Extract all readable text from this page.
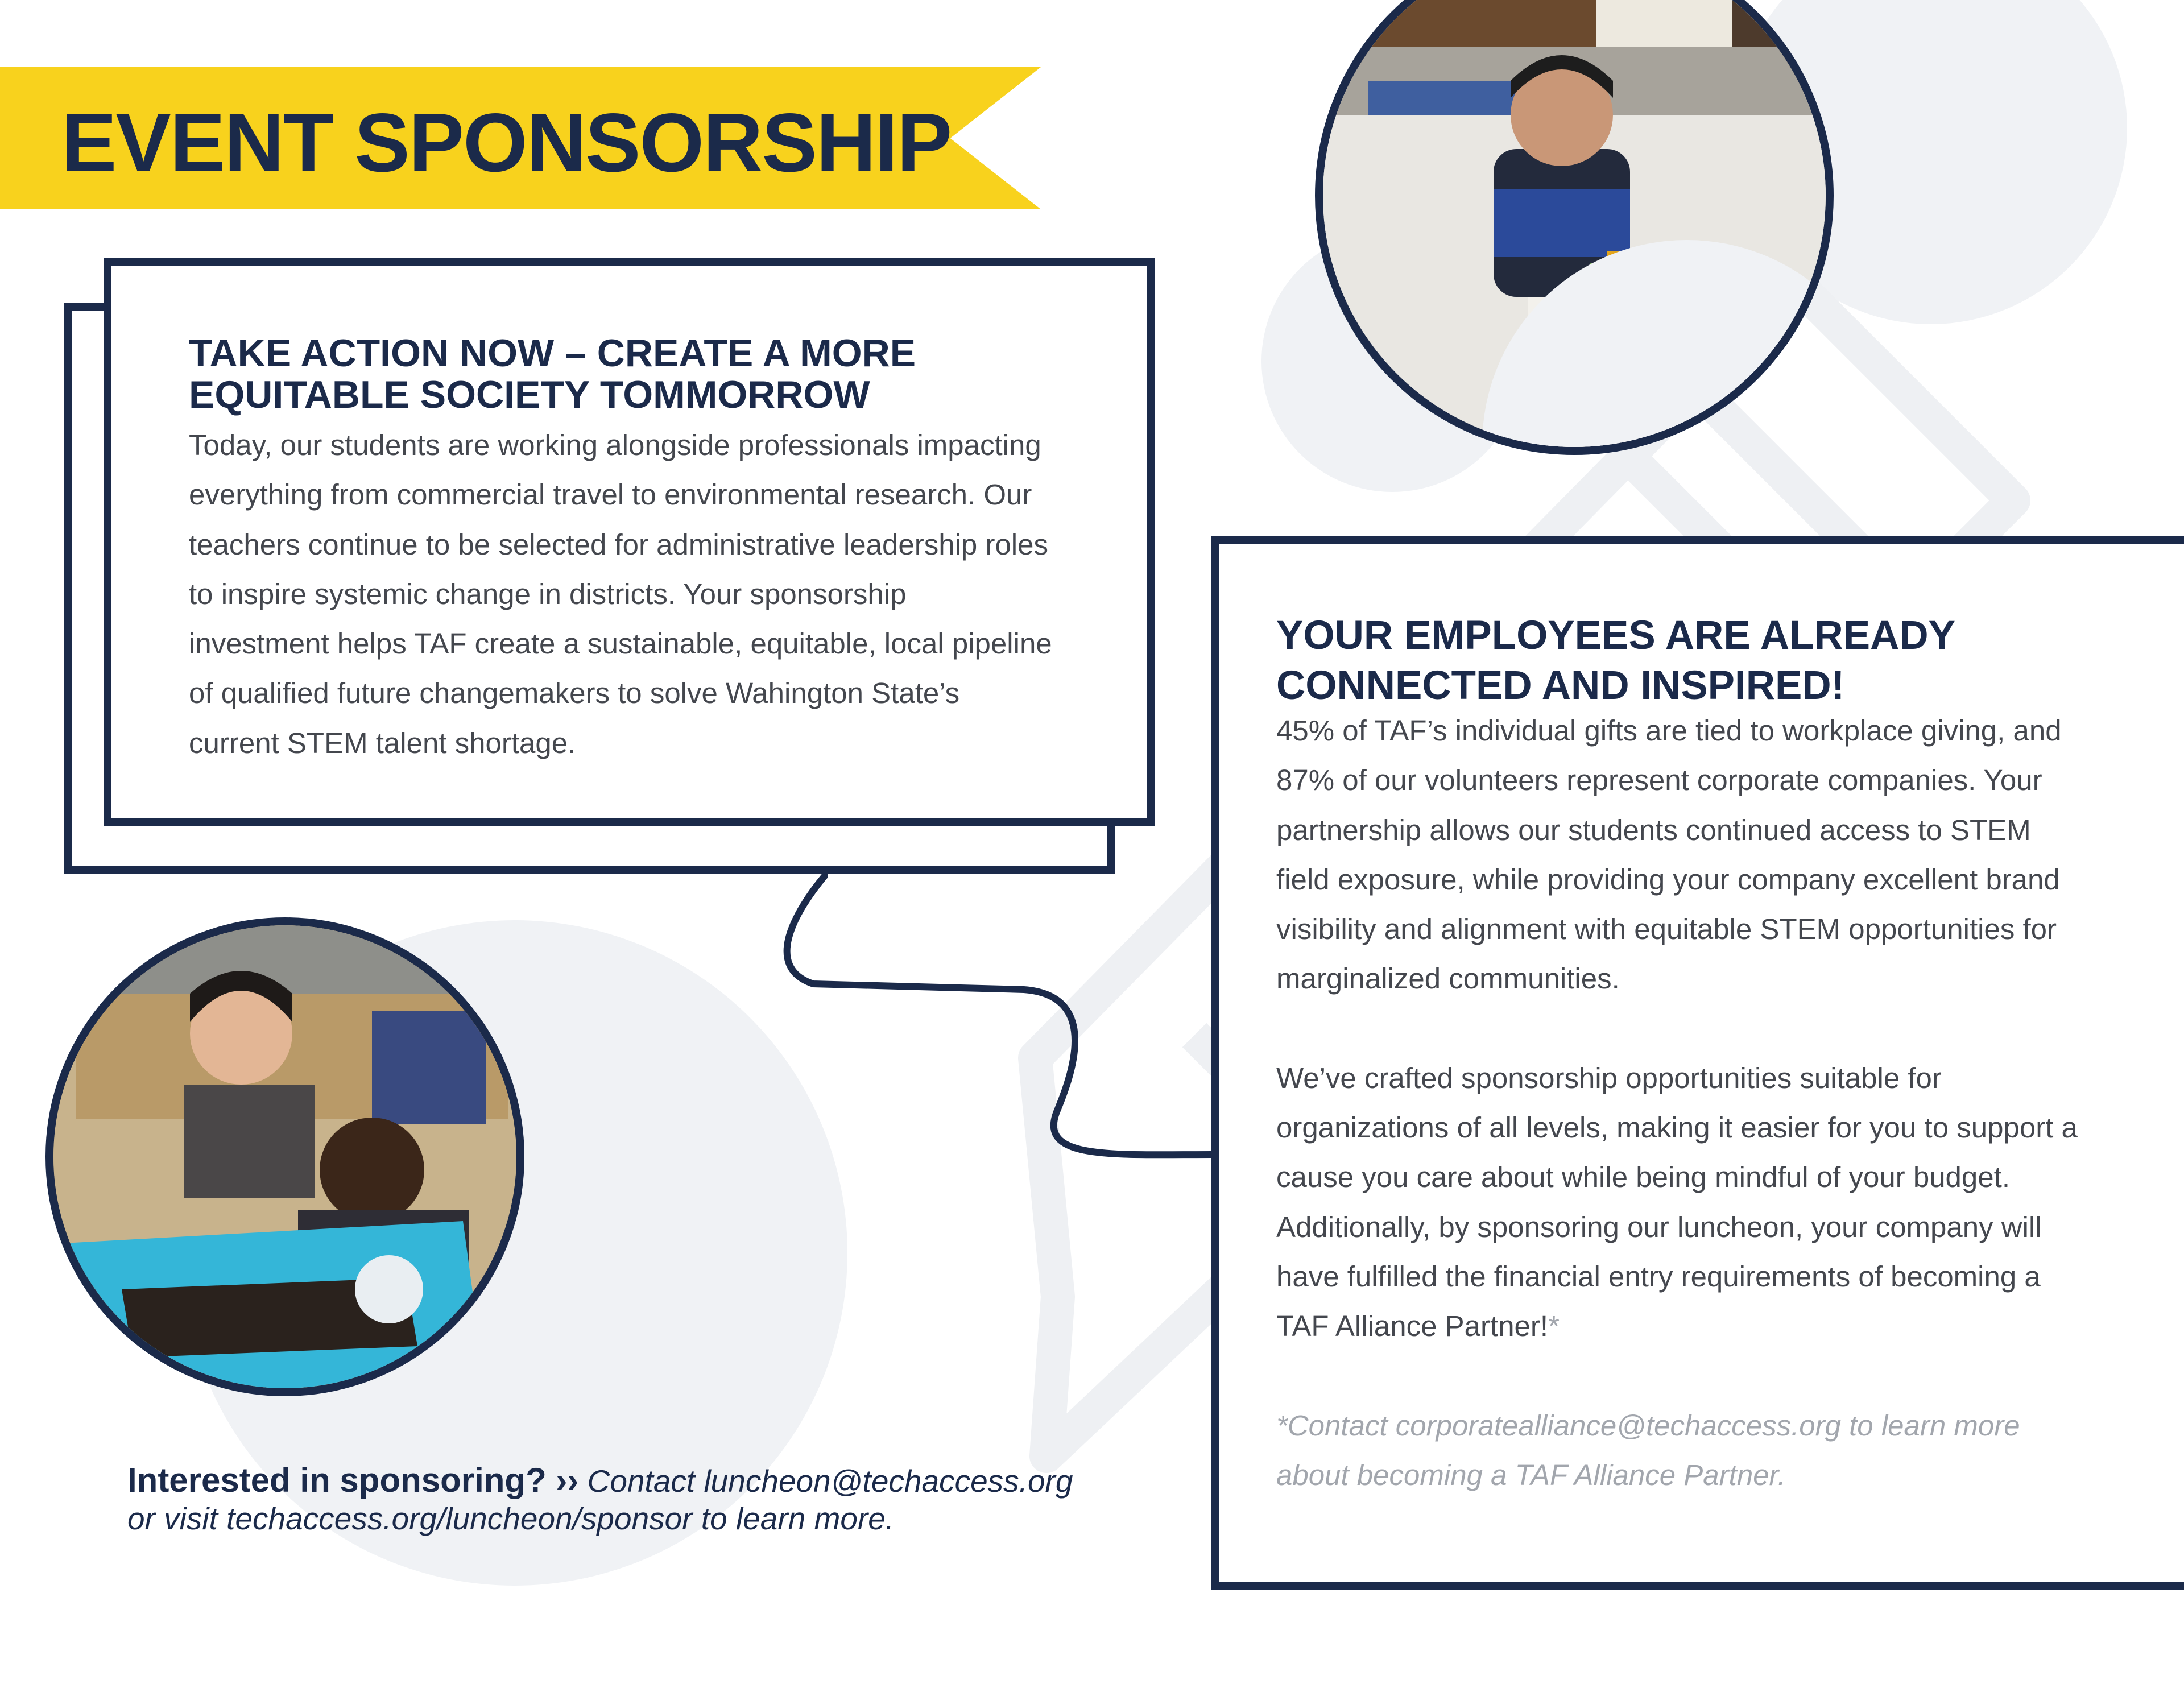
EVENT SPONSORSHIP
TAKE ACTION NOW – CREATE A MORE
EQUITABLE SOCIETY TOMMORROW
Today, our students are working alongside professionals impacting
everything from commercial travel to environmental research. Our
teachers continue to be selected for administrative leadership roles
to inspire systemic change in districts. Your sponsorship
investment helps TAF create a sustainable, equitable, local pipeline
of qualified future changemakers to solve Wahington State’s
current STEM talent shortage.
YOUR EMPLOYEES ARE ALREADY
CONNECTED AND INSPIRED!
45% of TAF’s individual gifts are tied to workplace giving, and
87% of our volunteers represent corporate companies. Your
partnership allows our students continued access to STEM
field exposure, while providing your company excellent brand
visibility and alignment with equitable STEM opportunities for
marginalized communities.
We’ve crafted sponsorship opportunities suitable for
organizations of all levels, making it easier for you to support a
cause you care about while being mindful of your budget.
Additionally, by sponsoring our luncheon, your company will
have fulfilled the financial entry requirements of becoming a
TAF Alliance Partner!*
*Contact corporatealliance@techaccess.org to learn more
about becoming a TAF Alliance Partner.
Interested in sponsoring? ›› Contact luncheon@techaccess.org
or visit techaccess.org/luncheon/sponsor to learn more.
